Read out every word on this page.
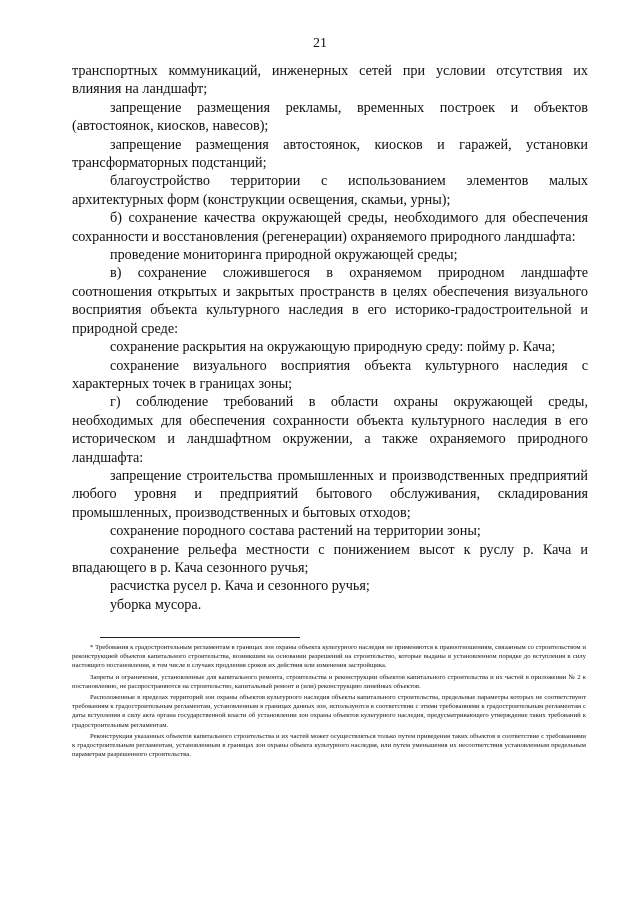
21

транспортных коммуникаций, инженерных сетей при условии отсутствия их влияния на ландшафт;

запрещение размещения рекламы, временных построек и объектов (автостоянок, киосков, навесов);

запрещение размещения автостоянок, киосков и гаражей, установки трансформаторных подстанций;

благоустройство территории с использованием элементов малых архитектурных форм (конструкции освещения, скамьи, урны);

б) сохранение качества окружающей среды, необходимого для обеспечения сохранности и восстановления (регенерации) охраняемого природного ландшафта:

проведение мониторинга природной окружающей среды;

в) сохранение сложившегося в охраняемом природном ландшафте соотношения открытых и закрытых пространств в целях обеспечения визуального восприятия объекта культурного наследия в его историко-градостроительной и природной среде:

сохранение раскрытия на окружающую природную среду: пойму р. Кача;

сохранение визуального восприятия объекта культурного наследия с характерных точек в границах зоны;

г) соблюдение требований в области охраны окружающей среды, необходимых для обеспечения сохранности объекта культурного наследия в его историческом и ландшафтном окружении, а также охраняемого природного ландшафта:

запрещение строительства промышленных и производственных предприятий любого уровня и предприятий бытового обслуживания, складирования промышленных, производственных и бытовых отходов;

сохранение породного состава растений на территории зоны;

сохранение рельефа местности с понижением высот к руслу р. Кача и впадающего в р. Кача сезонного ручья;

расчистка русел р. Кача и сезонного ручья;

уборка мусора.

* Требования к градостроительным регламентам в границах зон охраны объекта культурного наследия не применяются к правоотношениям, связанным со строительством и реконструкцией объектов капитального строительства, возникшим на основании разрешений на строительство, которые выданы в установленном порядке до вступления в силу настоящего постановления, в том числе в случаях продления сроков их действия или изменения застройщика.

Запреты и ограничения, установленные для капитального ремонта, строительства и реконструкции объектов капитального строительства и их частей в приложении № 2 к постановлению, не распространяются на строительство, капитальный ремонт и (или) реконструкцию линейных объектов.

Расположенные в пределах территорий зон охраны объектов культурного наследия объекты капитального строительства, предельные параметры которых не соответствуют требованиям к градостроительным регламентам, установленным в границах данных зон, используются в соответствии с этими требованиями к градостроительным регламентам с даты вступления в силу акта органа государственной власти об установлении зон охраны объектов культурного наследия, предусматривающего утверждение таких требований к градостроительным регламентам.

Реконструкция указанных объектов капитального строительства и их частей может осуществляться только путем приведения таких объектов в соответствие с требованиями к градостроительным регламентам, установленным в границах зон охраны объекта культурного наследия, или путем уменьшения их несоответствия установленным предельным параметрам разрешенного строительства.
